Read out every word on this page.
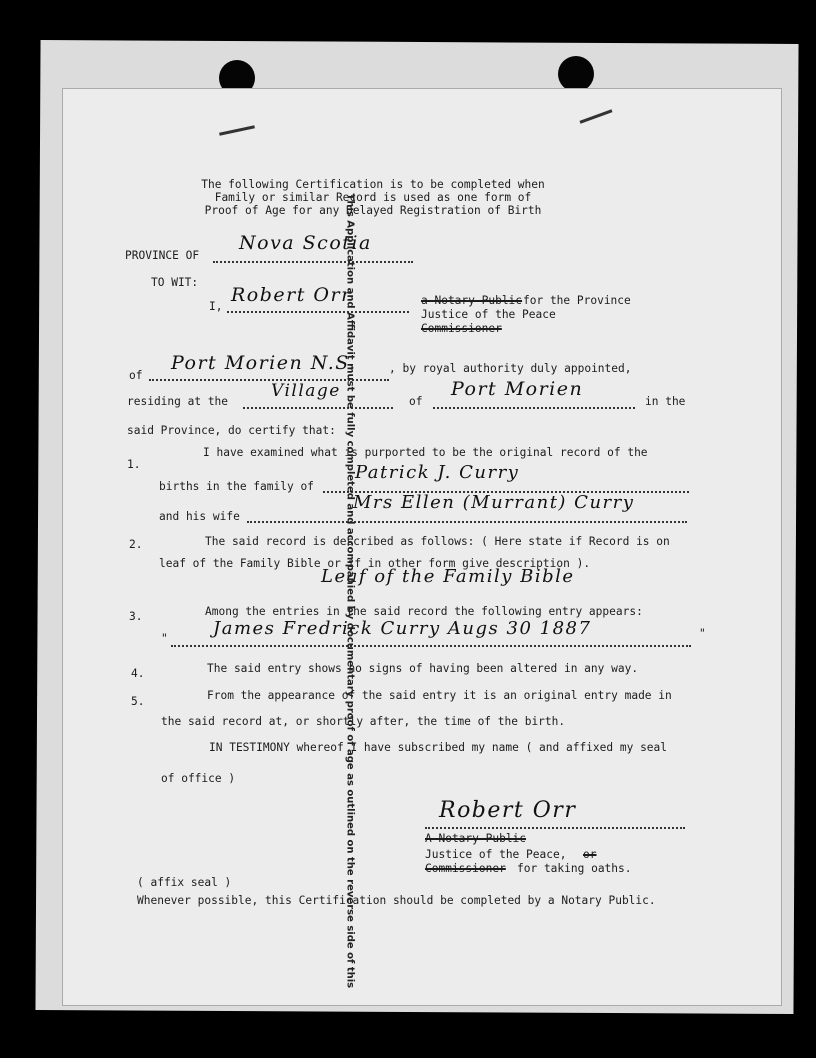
The following Certification is to be completed when
Family or similar Record is used as one form of
Proof of Age for any Delayed Registration of Birth
PROVINCE OF
Nova Scotia
TO WIT:
I,
Robert Orr	a Notary Public for the Province
Justice of the Peace
Commissioner
of
Port Morien N.S.	, by royal authority duly appointed,
residing at the
Village
of
Port Morien
in the
said Province, do certify that:
1.
I have examined what is purported to be the original record of the
births in the family of
Patrick J. Curry
and his wife
Mrs Ellen (Murrant) Curry
2.	The said record is described as follows: ( Here state if Record is on
leaf of the Family Bible or if in other form give description ).
Leaf of the Family Bible
3.	Among the entries in the said record the following entry appears:
"	James Fredrick Curry Augs 30 1887	"
4.	The said entry shows no signs of having been altered in any way.
5.	From the appearance of the said entry it is an original entry made in
the said record at, or shortly after, the time of the birth.
IN TESTIMONY whereof I have subscribed my name ( and affixed my seal
of office )
Robert Orr
A Notary Public
Justice of the Peace, or
Commissioner for taking oaths.
( affix seal )
Whenever possible, this Certification should be completed by a Notary Public.
This Application and Affidavit must be fully completed and accompanied by documentary proof of age as outlined on the reverse side of this
